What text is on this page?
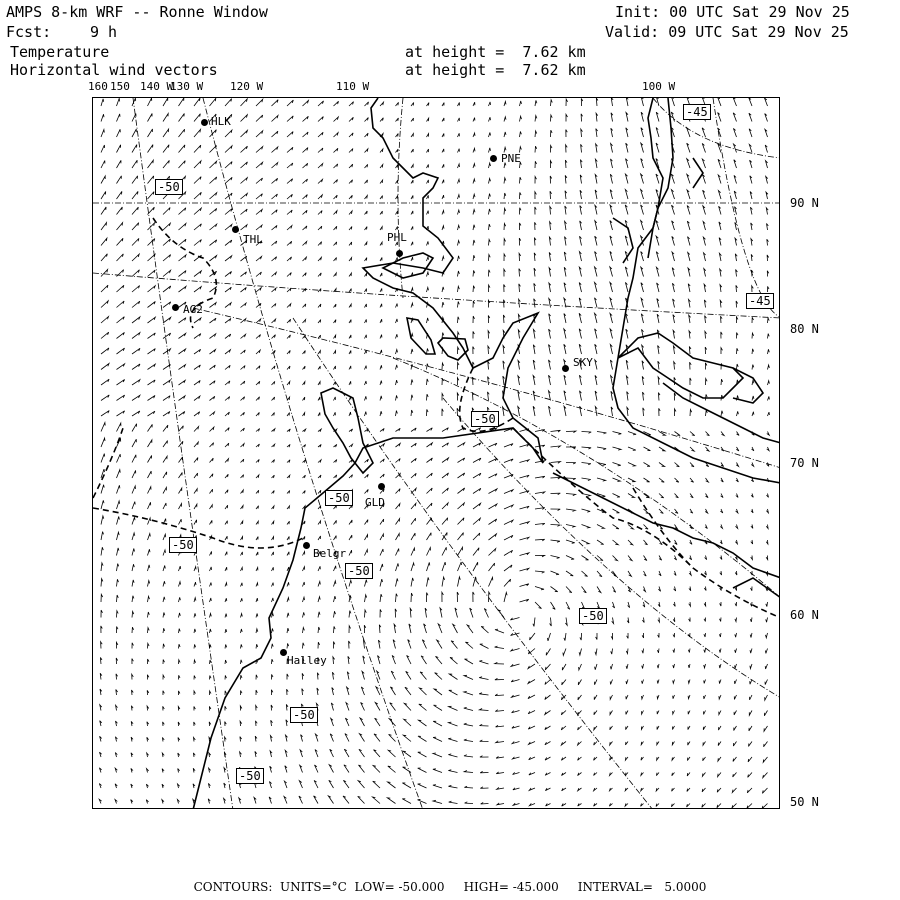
AMPS 8-km WRF -- Ronne Window
Fcst:	9 h
Init: 00 UTC Sat 29 Nov 25
Valid: 09 UTC Sat 29 Nov 25
Temperature	at height =  7.62 km
Horizontal wind vectors	at height =  7.62 km
160 150 140 W
130 W 120 W	110 W	100 W
90 N
80 N
70 N
60 N
50 N
HLK
PNE
THL	PHL
AG2
SKY
GLD
Belgr
Halley
-50
-50
-50
-50
-50
-50
-50
-50
-45
-45
CONTOURS:  UNITS=°C  LOW= -50.000     HIGH= -45.000     INTERVAL=   5.0000
